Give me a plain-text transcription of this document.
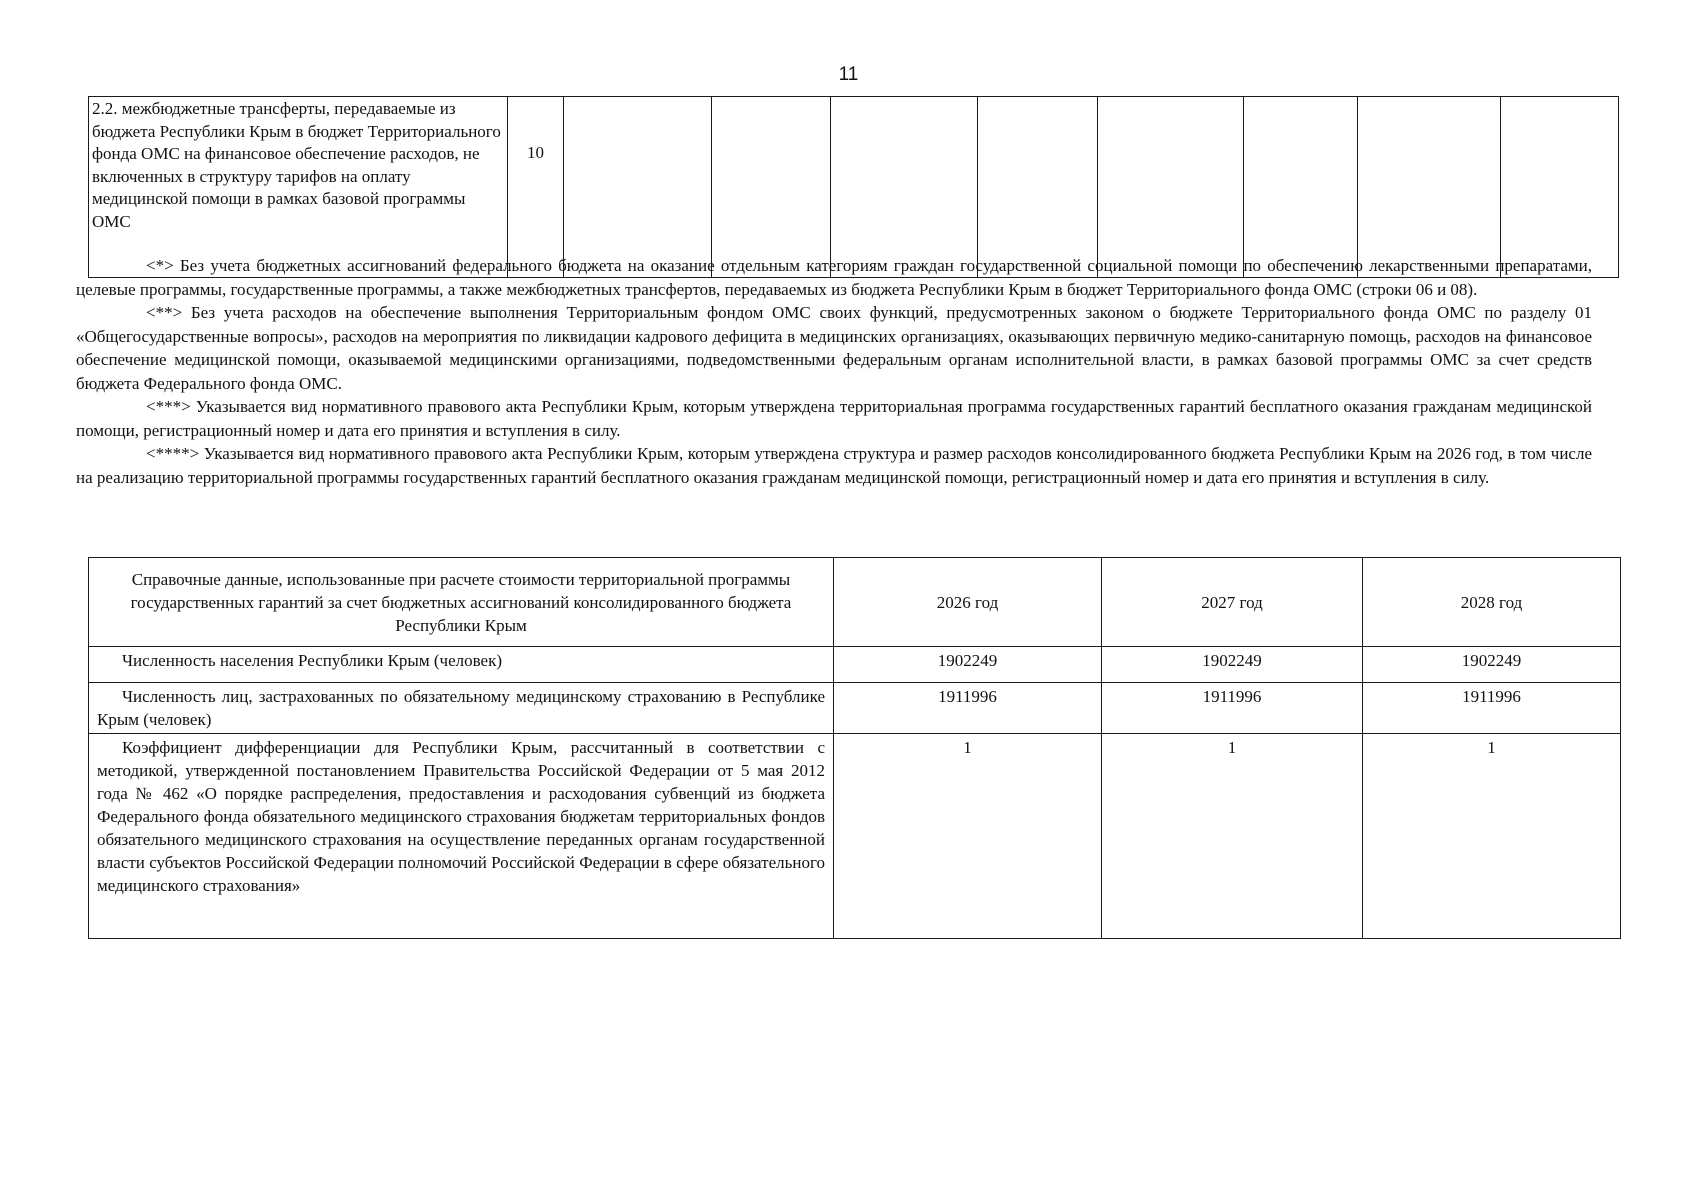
11
2.2. межбюджетные трансферты, передаваемые из бюджета Республики Крым в бюджет Территориального фонда ОМС на финансовое обеспечение расходов, не включенных в структуру тарифов на оплату медицинской помощи в рамках базовой программы ОМС	10								

<*> Без учета бюджетных ассигнований федерального бюджета на оказание отдельным категориям граждан государственной социальной помощи по обеспечению лекарственными препаратами, целевые программы, государственные программы, а также межбюджетных трансфертов, передаваемых из бюджета Республики Крым в бюджет Территориального фонда ОМС (строки 06 и 08).

<**> Без учета расходов на обеспечение выполнения Территориальным фондом ОМС своих функций, предусмотренных законом о бюджете Территориального фонда ОМС по разделу 01 «Общегосударственные вопросы», расходов на мероприятия по ликвидации кадрового дефицита в медицинских организациях, оказывающих первичную медико-санитарную помощь, расходов на финансовое обеспечение медицинской помощи, оказываемой медицинскими организациями, подведомственными федеральным органам исполнительной власти, в рамках базовой программы ОМС за счет средств бюджета Федерального фонда ОМС.

<***> Указывается вид нормативного правового акта Республики Крым, которым утверждена территориальная программа государственных гарантий бесплатного оказания гражданам медицинской помощи, регистрационный номер и дата его принятия и вступления в силу.

<****> Указывается вид нормативного правового акта Республики Крым, которым утверждена структура и размер расходов консолидированного бюджета Республики Крым на 2026 год, в том числе на реализацию территориальной программы государственных гарантий бесплатного оказания гражданам медицинской помощи, регистрационный номер и дата его принятия и вступления в силу.

Справочные данные, использованные при расчете стоимости территориальной программы государственных гарантий за счет бюджетных ассигнований консолидированного бюджета Республики Крым	2026 год	2027 год	2028 год
Численность населения Республики Крым (человек)	1902249	1902249	1902249
Численность лиц, застрахованных по обязательному медицинскому страхованию в Республике Крым (человек)	1911996	1911996	1911996
Коэффициент дифференциации для Республики Крым, рассчитанный в соответствии с методикой, утвержденной постановлением Правительства Российской Федерации от 5 мая 2012 года № 462 «О порядке распределения, предоставления и расходования субвенций из бюджета Федерального фонда обязательного медицинского страхования бюджетам территориальных фондов обязательного медицинского страхования на осуществление переданных органам государственной власти субъектов Российской Федерации полномочий Российской Федерации в сфере обязательного медицинского страхования»	1	1	1
